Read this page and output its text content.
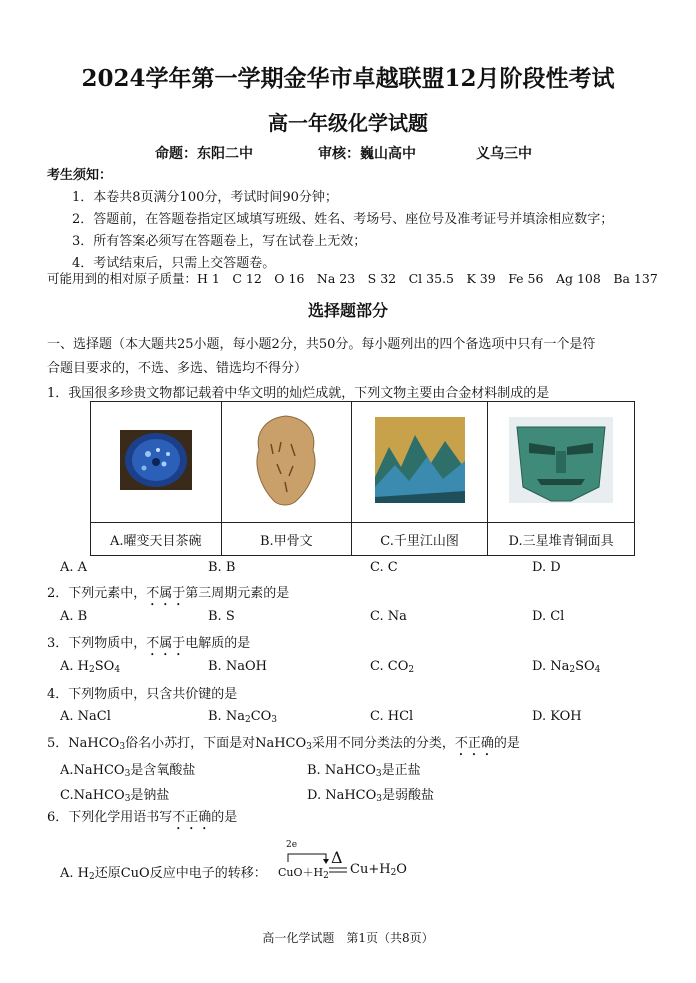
2024学年第一学期金华市卓越联盟12月阶段性考试
高一年级化学试题
命题：东阳二中	审核：巍山高中	义乌三中
考生须知：
1．本卷共8页满分100分，考试时间90分钟；
2．答题前，在答题卷指定区域填写班级、姓名、考场号、座位号及准考证号并填涂相应数字；
3．所有答案必须写在答题卷上，写在试卷上无效；
4．考试结束后，只需上交答题卷。
可能用到的相对原子质量：H 1　C 12　O 16　Na 23　S 32　Cl 35.5　K 39　Fe 56　Ag 108　Ba 137
选择题部分
一、选择题（本大题共25小题，每小题2分，共50分。每小题列出的四个备选项中只有一个是符
合题目要求的，不选、多选、错选均不得分）
1．我国很多珍贵文物都记载着中华文明的灿烂成就，下列文物主要由合金材料制成的是

A.曜变天目茶碗	B.甲骨文	C.千里江山图	D.三星堆青铜面具
A. A	B. B	C. C	D. D
2．下列元素中，不属于第三周期元素的是
A. B	B. S	C. Na	D. Cl
3．下列物质中，不属于电解质的是
A. $H_2SO_4$	B. NaOH	C. $CO_2$	D. $Na_2SO_4$
4．下列物质中，只含共价键的是
A. NaCl	B. $Na_2CO_3$	C. HCl	D. KOH
5．NaHCO$_3$俗名小苏打，下面是对NaHCO$_3$采用不同分类法的分类，不正确的是
A.NaHCO$_3$是含氧酸盐	B. NaHCO$_3$是正盐
C.NaHCO$_3$是钠盐	D. NaHCO$_3$是弱酸盐
6．下列化学用语书写不正确的是
A. $H_2$还原CuO反应中电子的转移：
2e
$CuO+H_2$
Δ
$Cu+H_2O$
高一化学试题　第1页（共8页）
